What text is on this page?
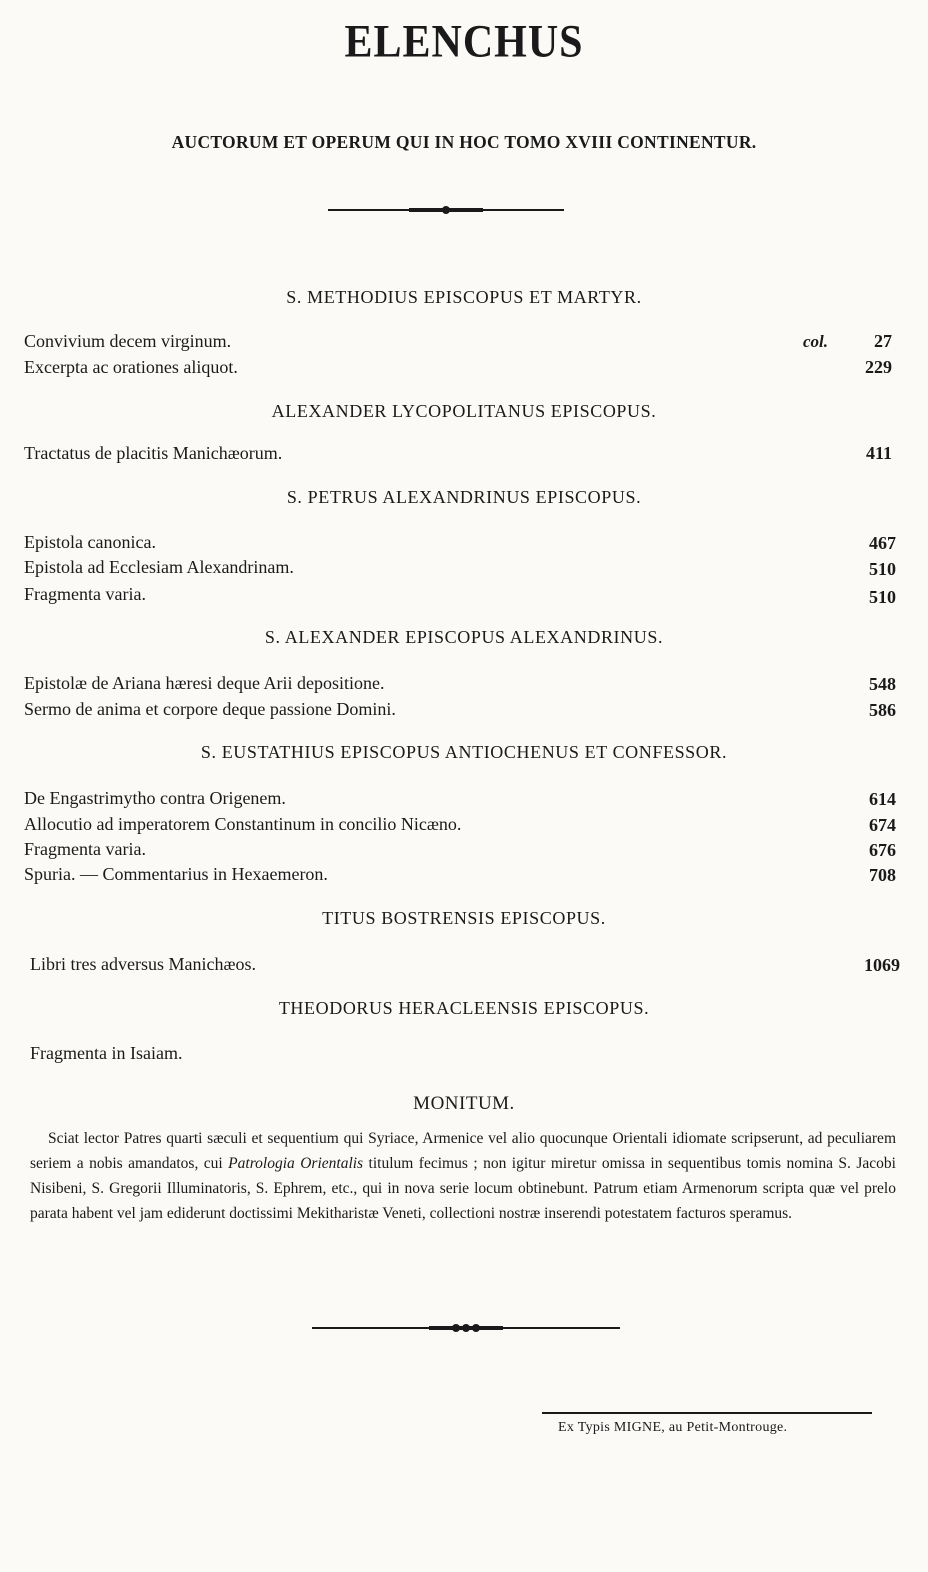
ELENCHUS
AUCTORUM ET OPERUM QUI IN HOC TOMO XVIII CONTINENTUR.
S. METHODIUS EPISCOPUS ET MARTYR.
Convivium decem virginum.	col.	27
Excerpta ac orationes aliquot.	229
ALEXANDER LYCOPOLITANUS EPISCOPUS.
Tractatus de placitis Manichæorum.	411
S. PETRUS ALEXANDRINUS EPISCOPUS.
Epistola canonica.	467
Epistola ad Ecclesiam Alexandrinam.	510
Fragmenta varia.	510
S. ALEXANDER EPISCOPUS ALEXANDRINUS.
Epistolæ de Ariana hæresi deque Arii depositione.	548
Sermo de anima et corpore deque passione Domini.	586
S. EUSTATHIUS EPISCOPUS ANTIOCHENUS ET CONFESSOR.
De Engastrimytho contra Origenem.	614
Allocutio ad imperatorem Constantinum in concilio Nicæno.	674
Fragmenta varia.	676
Spuria. — Commentarius in Hexaemeron.	708
TITUS BOSTRENSIS EPISCOPUS.
Libri tres adversus Manichæos.	1069
THEODORUS HERACLEENSIS EPISCOPUS.
Fragmenta in Isaiam.
MONITUM.
Sciat lector Patres quarti sæculi et sequentium qui Syriace, Armenice vel alio quocunque Orientali idiomate scripserunt, ad peculiarem seriem a nobis amandatos, cui Patrologia Orientalis titulum fecimus ; non igitur miretur omissa in sequentibus tomis nomina S. Jacobi Nisibeni, S. Gregorii Illuminatoris, S. Ephrem, etc., qui in nova serie locum obtinebunt. Patrum etiam Armenorum scripta quæ vel prelo parata habent vel jam ediderunt doctissimi Mekitharistæ Veneti, collectioni nostræ inserendi potestatem facturos speramus.
Ex Typis MIGNE, au Petit-Montrouge.
